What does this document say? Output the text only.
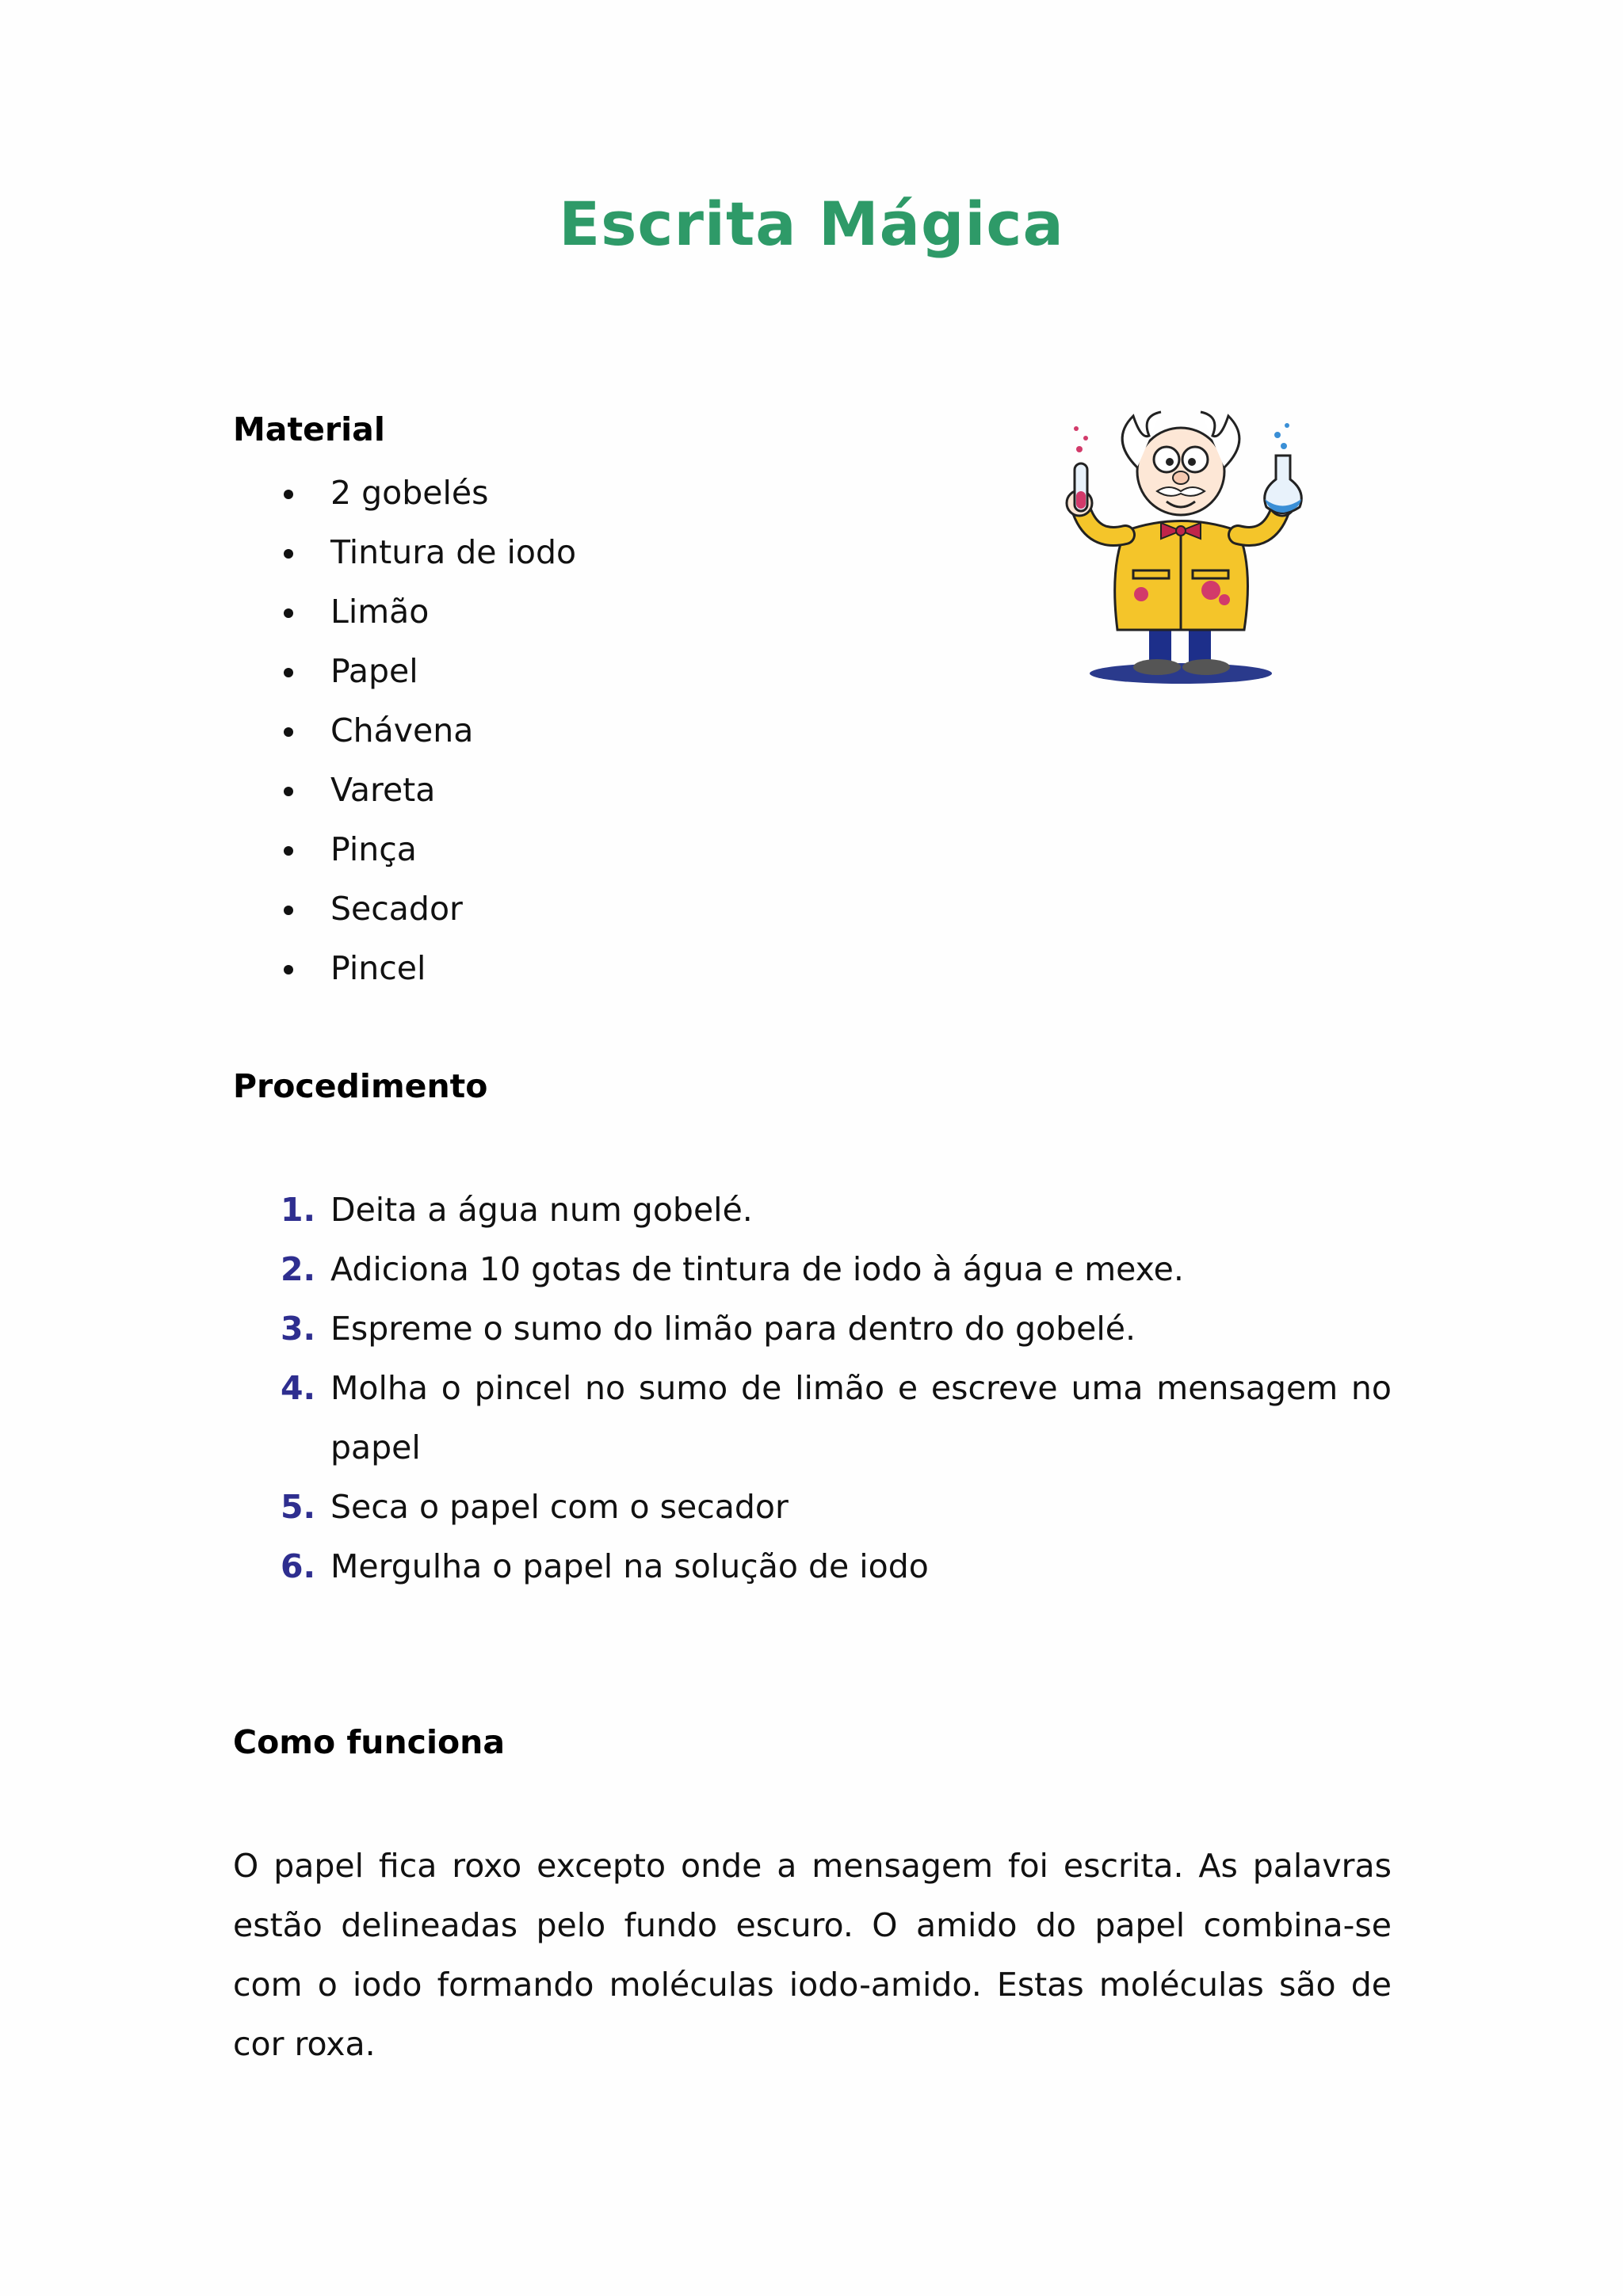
Escrita Mágica
Material
2 gobelés
Tintura de iodo
Limão
Papel
Chávena
Vareta
Pinça
Secador
Pincel
Procedimento
1. Deita a água num gobelé.
2. Adiciona 10 gotas de tintura de iodo à água e mexe.
3. Espreme o sumo do limão para dentro do gobelé.
4. Molha o pincel no sumo de limão e escreve uma mensagem no papel
5. Seca o papel com o secador
6. Mergulha o papel na solução de iodo
Como funciona

O papel fica roxo excepto onde a mensagem foi escrita. As palavras estão delineadas pelo fundo escuro. O amido do papel combina-se com o iodo formando moléculas iodo-amido. Estas moléculas são de cor roxa.
